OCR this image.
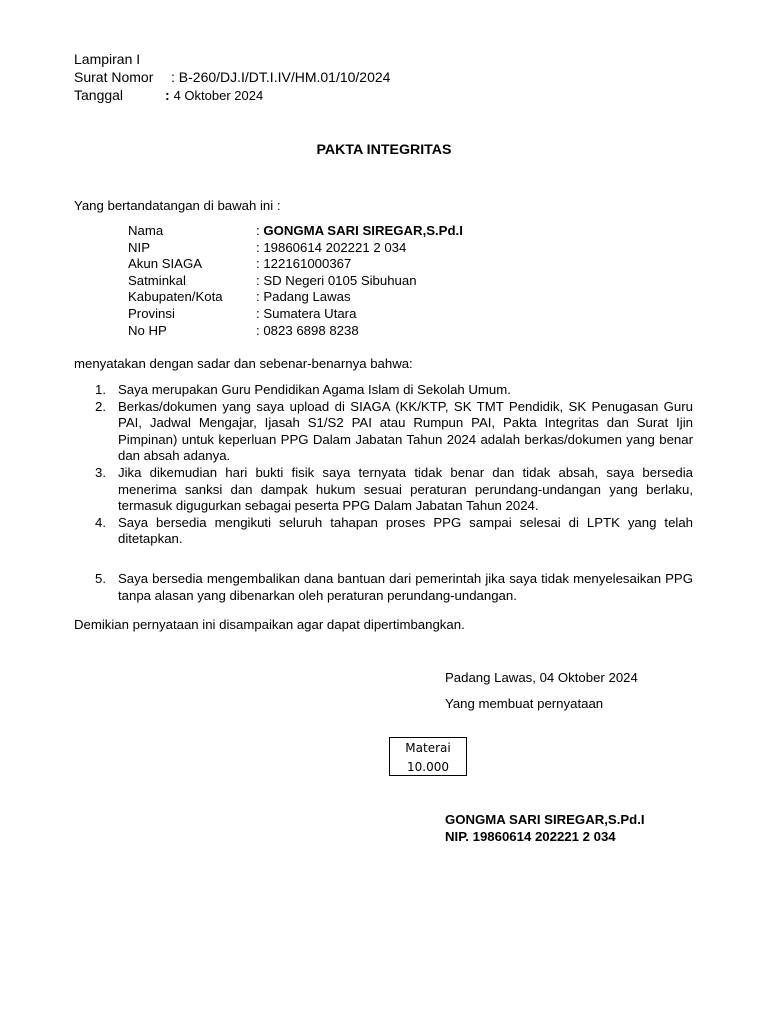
Lampiran I
Surat Nomor : B-260/DJ.I/DT.I.IV/HM.01/10/2024
Tanggal	: 4 Oktober 2024
PAKTA INTEGRITAS
Yang bertandatangan di bawah ini :
Nama	: GONGMA SARI SIREGAR,S.Pd.I
NIP	: 19860614 202221 2 034
Akun SIAGA	: 122161000367
Satminkal	: SD Negeri 0105 Sibuhuan
Kabupaten/Kota	: Padang Lawas
Provinsi	: Sumatera Utara
No HP	: 0823 6898 8238
menyatakan dengan sadar dan sebenar-benarnya bahwa:
1. Saya merupakan Guru Pendidikan Agama Islam di Sekolah Umum.
2. Berkas/dokumen yang saya upload di SIAGA (KK/KTP, SK TMT Pendidik, SK Penugasan Guru PAI, Jadwal Mengajar, Ijasah S1/S2 PAI atau Rumpun PAI, Pakta Integritas dan Surat Ijin Pimpinan) untuk keperluan PPG Dalam Jabatan Tahun 2024 adalah berkas/dokumen yang benar dan absah adanya.
3. Jika dikemudian hari bukti fisik saya ternyata tidak benar dan tidak absah, saya bersedia menerima sanksi dan dampak hukum sesuai peraturan perundang-undangan yang berlaku, termasuk digugurkan sebagai peserta PPG Dalam Jabatan Tahun 2024.
4. Saya bersedia mengikuti seluruh tahapan proses PPG sampai selesai di LPTK yang telah ditetapkan.
5. Saya bersedia mengembalikan dana bantuan dari pemerintah jika saya tidak menyelesaikan PPG tanpa alasan yang dibenarkan oleh peraturan perundang-undangan.
Demikian pernyataan ini disampaikan agar dapat dipertimbangkan.
Padang Lawas, 04 Oktober 2024
Yang membuat pernyataan
Materai
10.000
GONGMA SARI SIREGAR,S.Pd.I
NIP. 19860614 202221 2 034
